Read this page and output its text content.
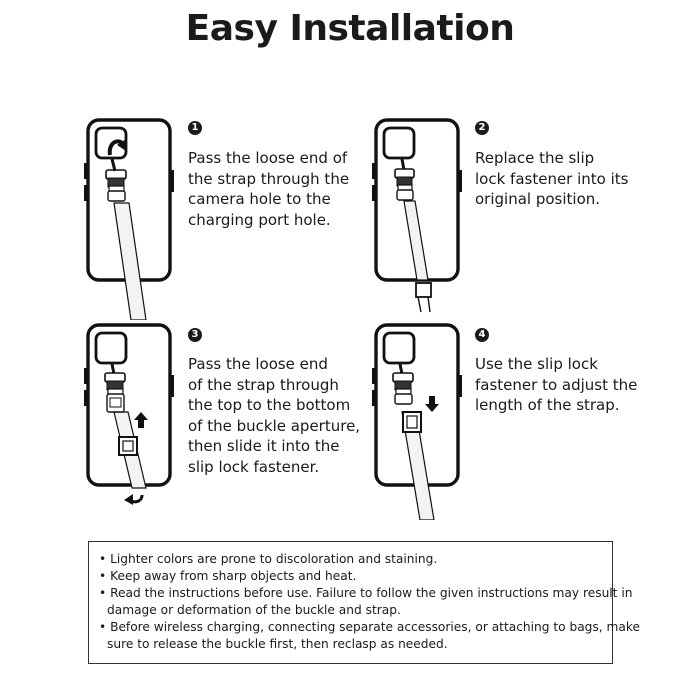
Easy Installation
1
Pass the loose end of
the strap through the
camera hole to the
charging port hole.
2
Replace the slip
lock fastener into its
original position.
3
Pass the loose end
of the strap through
the top to the bottom
of the buckle aperture,
then slide it into the
slip lock fastener.
4
Use the slip lock
fastener to adjust the
length of the strap.
• Lighter colors are prone to discoloration and staining.
• Keep away from sharp objects and heat.
• Read the instructions before use. Failure to follow the given instructions may result in
damage or deformation of the buckle and strap.
• Before wireless charging, connecting separate accessories, or attaching to bags, make
sure to release the buckle first, then reclasp as needed.
